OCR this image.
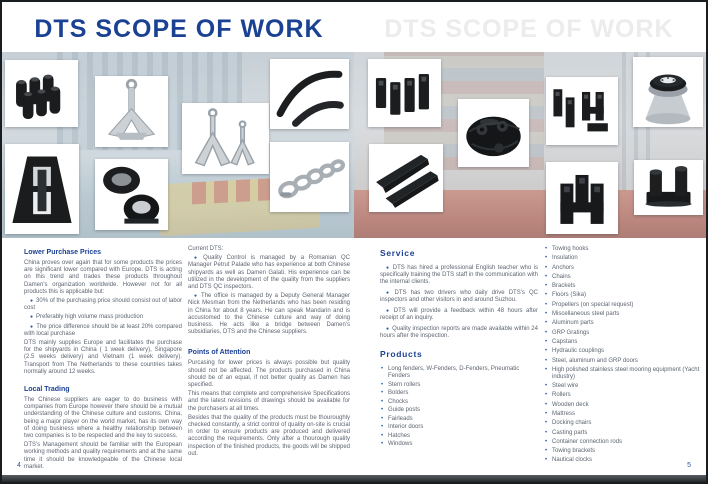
DTS SCOPE OF WORK	DTS SCOPE OF WORK
Lower Purchase Prices

China proves over again that for some products the prices are significant lower compared with Europe. DTS is acting on this trend and trades these products throughout Damen's organization worldwide. However not for all products this is applicable but:

● 30% of the purchasing price should consist out of labor cost

● Preferably high volume mass production

● The price difference should be at least 20% compared with local purchase

DTS mainly supplies Europe and facilitates the purchase for the shipyards in China ( 1 week delivery), Singapore (2.5 weeks delivery) and Vietnam (1 week delivery). Transport from The Netherlands to these countries takes normally around 12 weeks.

Local Trading

The Chinese suppliers are eager to do business with companies from Europe however there should be a mutual understanding of the Chinese culture and customs. China, being a major player on the world market, has its own way of doing business where a healthy relationship between two companies is to be respected and the key to success.

DTS's Management should be familiar with the European working methods and quality requirements and at the same time it should be knowledgeable of the Chinese local market.

Current DTS:

● Quality Control is managed by a Romanian QC Manager Petrut Palade who has experience at both Chinese shipyards as well as Damen Galati. His experience can be utilized in the development of the quality from the suppliers and DTS QC inspectors.

● The office is managed by a Deputy General Manager Nick Mesman from the Netherlands who has been residing in China for about 8 years. He can speak Mandarin and is accustomed to the Chinese culture and way of doing business. He acts like a bridge between Damen's subsidiaries, DTS and the Chinese suppliers.

Points of Attention

Purcasing for lower prices is always possible but quality should not be affected. The products purchased in China should be of an equal, if not better quality as Damen has specified.

This means that complete and comprehensive Specifications and the latest revisions of drawings should be available for the purchasers at all times.

Besides that the quality of the products must be thouroughly checked constantly, a strict control of quality on-site is crucial in order to ensure products are produced and delivered according the requirements. Only after a thourough quality inspection of the finished products, the goods will be shipped out.

Service

● DTS has hired a professional English teacher who is specifically training the DTS staff in the communication with the internal clients.

● DTS has two drivers who daily drive DTS's QC inspectors and other visitors in and around Suzhou.

● DTS will provide a feedback within 48 hours after receipt of an inquiry.

● Quality inspection reports are made available within 24 hours after the inspection.

Products
• Long fenders, W-Fenders, D-Fenders, Pneumatic Fenders
• Stern rollers
• Bolders
• Chocks
• Guide posts
• Fairleads
• Interior doors
• Hatches
• Windows
• Towing hooks
• Insulation
• Anchors
• Chains
• Brackets
• Floors (Sika)
• Propellers (on special request)
• Miscellaneous steel parts
• Aluminum parts
• GRP Gratings
• Capstans
• Hydraulic couplings
• Steel, aluminum and GRP doors
• High polished stainless steel mooring equipment (Yacht industry)
• Steel wire
• Rollers
• Wooden deck
• Mattress
• Docking chairs
• Casting parts
• Container connection rods
• Towing brackets
• Nautical clocks
4	5
